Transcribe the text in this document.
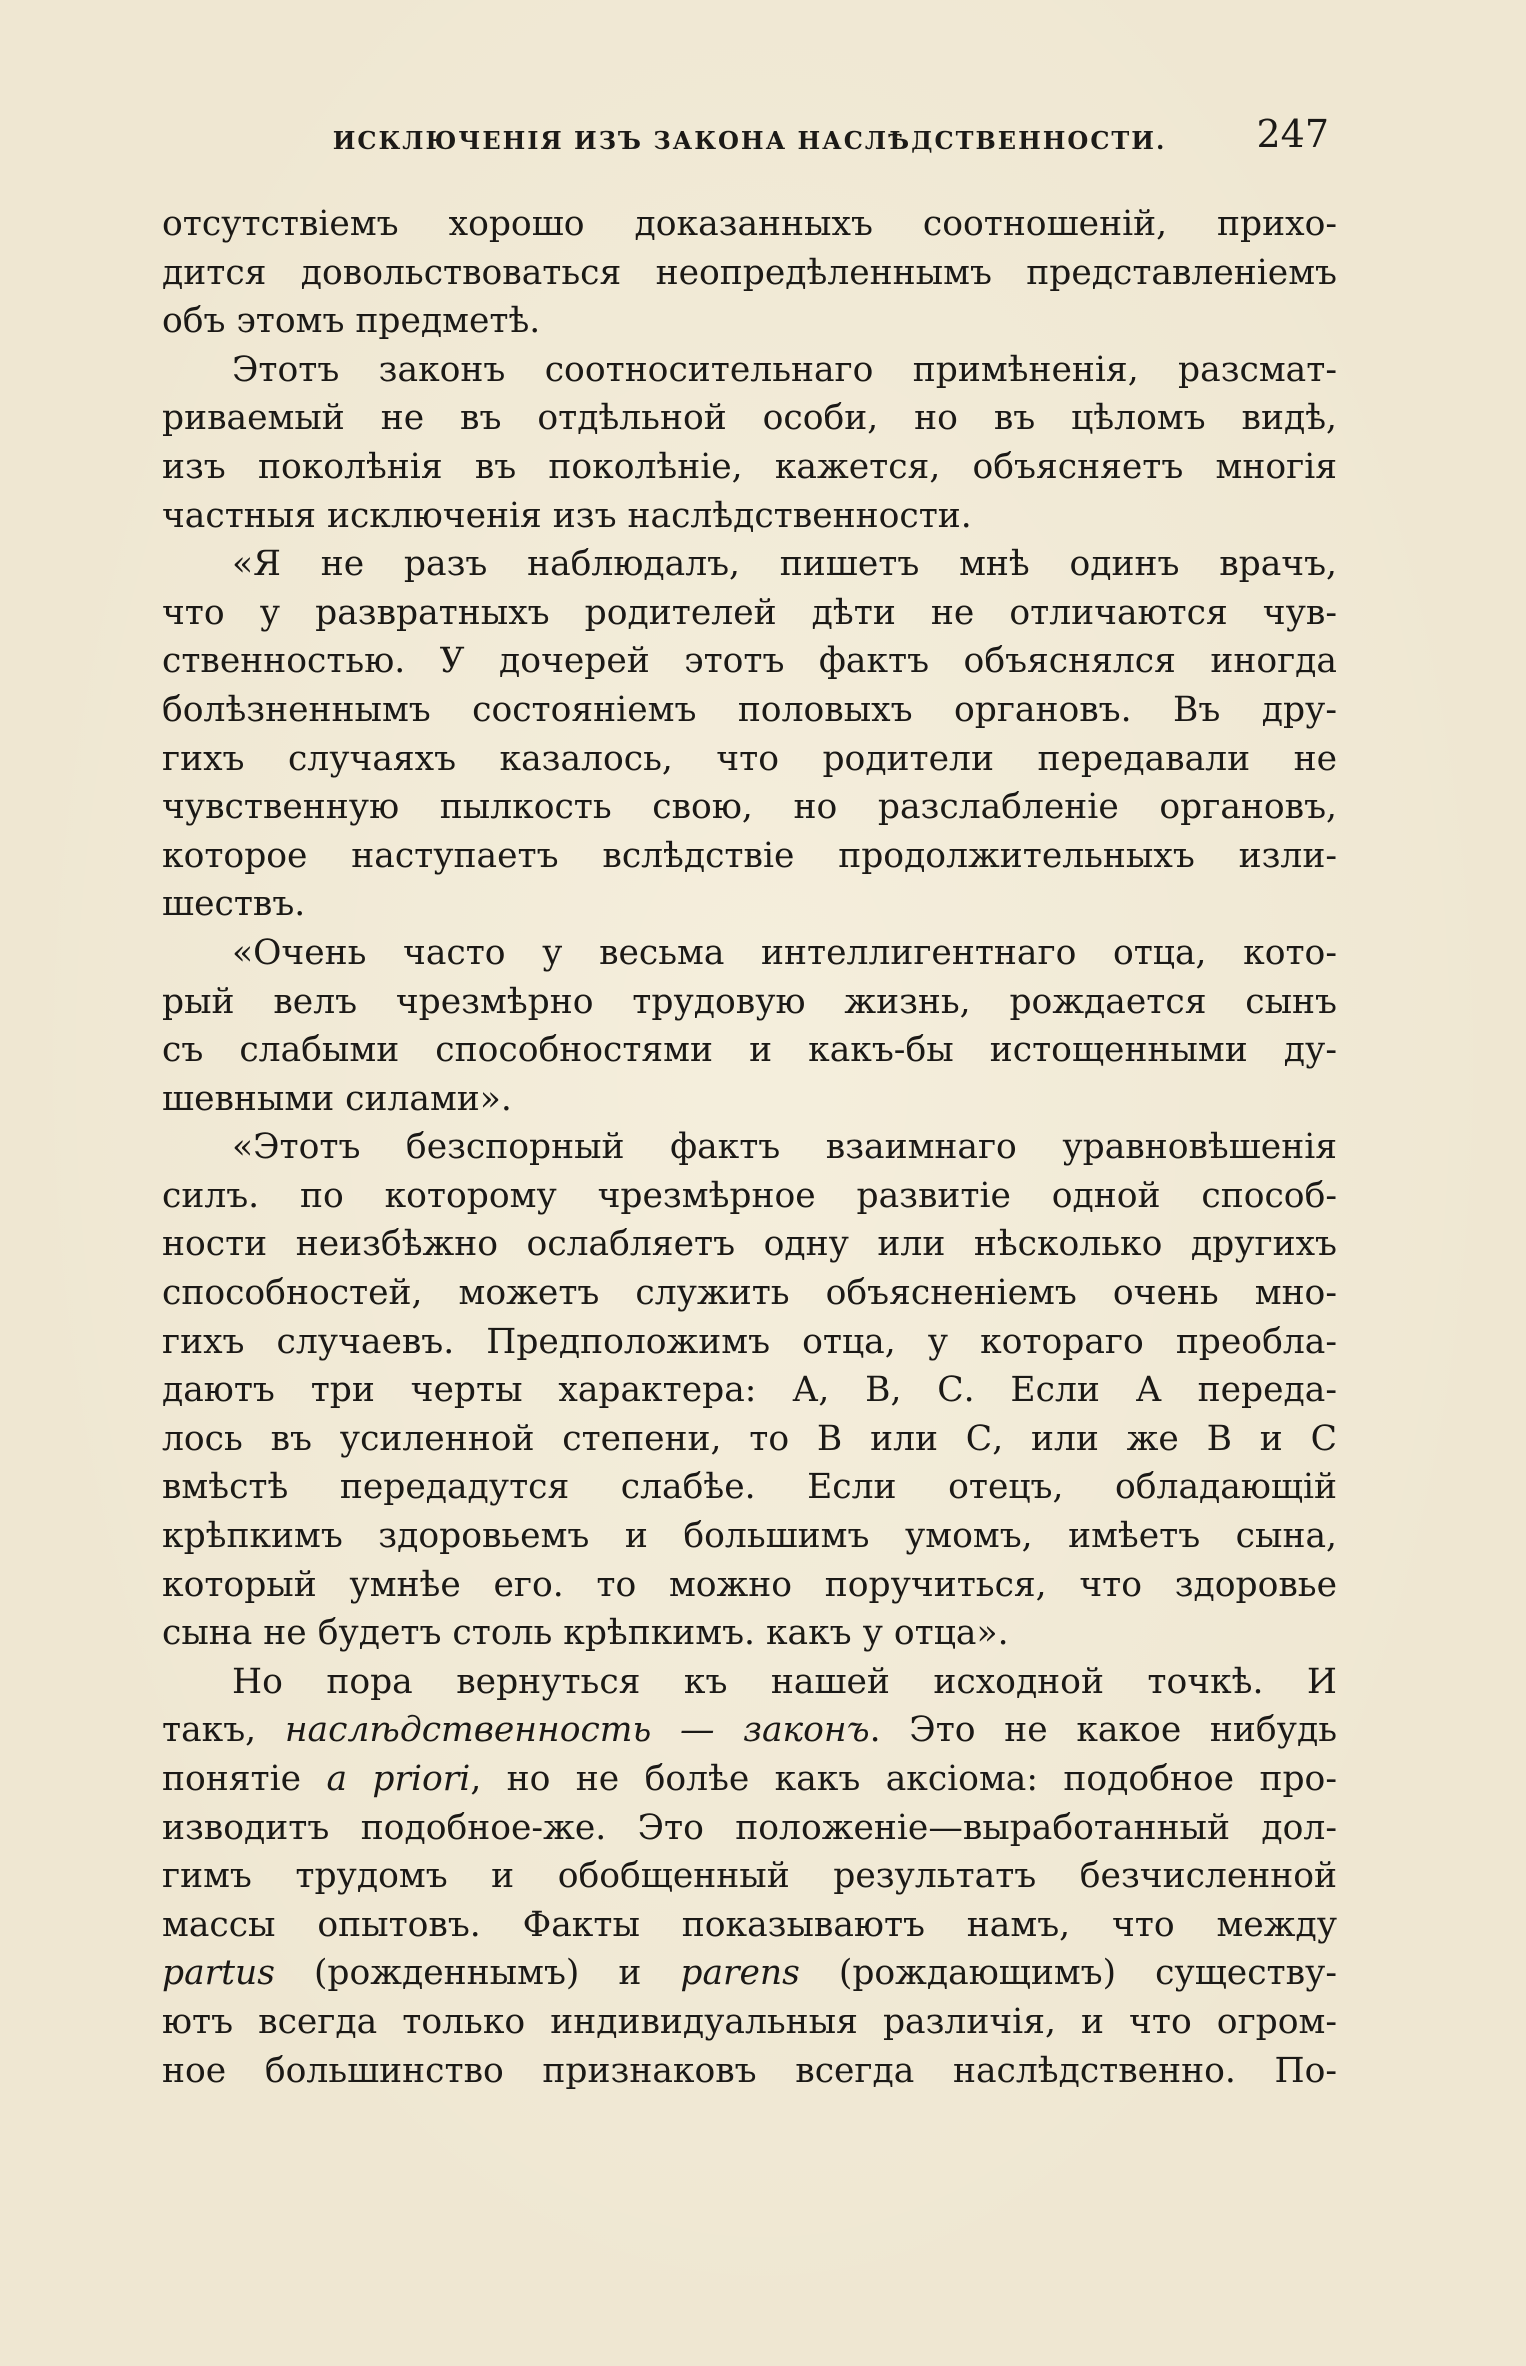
ИСКЛЮЧЕНІЯ ИЗЪ ЗАКОНА НАСЛѢДСТВЕННОСТИ.	247
отсутствіемъ хорошо доказанныхъ соотношеній, прихо-
дится довольствоваться неопредѣленнымъ представленіемъ
объ этомъ предметѣ.
Этотъ законъ соотносительнаго примѣненія, разсмат-
риваемый не въ отдѣльной особи, но въ цѣломъ видѣ,
изъ поколѣнія въ поколѣніе, кажется, объясняетъ многія
частныя исключенія изъ наслѣдственности.
«Я не разъ наблюдалъ, пишетъ мнѣ одинъ врачъ,
что у развратныхъ родителей дѣти не отличаются чув-
ственностью. У дочерей этотъ фактъ объяснялся иногда
болѣзненнымъ состояніемъ половыхъ органовъ. Въ дру-
гихъ случаяхъ казалось, что родители передавали не
чувственную пылкость свою, но разслабленіе органовъ,
которое наступаетъ вслѣдствіе продолжительныхъ изли-
шествъ.
«Очень часто у весьма интеллигентнаго отца, кото-
рый велъ чрезмѣрно трудовую жизнь, рождается сынъ
съ слабыми способностями и какъ-бы истощенными ду-
шевными силами».
«Этотъ безспорный фактъ взаимнаго уравновѣшенія
силъ. по которому чрезмѣрное развитіе одной способ-
ности неизбѣжно ослабляетъ одну или нѣсколько другихъ
способностей, можетъ служить объясненіемъ очень мно-
гихъ случаевъ. Предположимъ отца, у котораго преобла-
даютъ три черты характера: А, В, С. Если А переда-
лось въ усиленной степени, то В или С, или же В и С
вмѣстѣ передадутся слабѣе. Если отецъ, обладающій
крѣпкимъ здоровьемъ и большимъ умомъ, имѣетъ сына,
который умнѣе его. то можно поручиться, что здоровье
сына не будетъ столь крѣпкимъ. какъ у отца».
Но пора вернуться къ нашей исходной точкѣ. И
такъ, наслѣдственность — законъ. Это не какое нибудь
понятіе a priori, но не болѣе какъ аксіома: подобное про-
изводитъ подобное-же. Это положеніе—выработанный дол-
гимъ трудомъ и обобщенный результатъ безчисленной
массы опытовъ. Факты показываютъ намъ, что между
partus (рожденнымъ) и parens (рождающимъ) существу-
ютъ всегда только индивидуальныя различія, и что огром-
ное большинство признаковъ всегда наслѣдственно. По-
